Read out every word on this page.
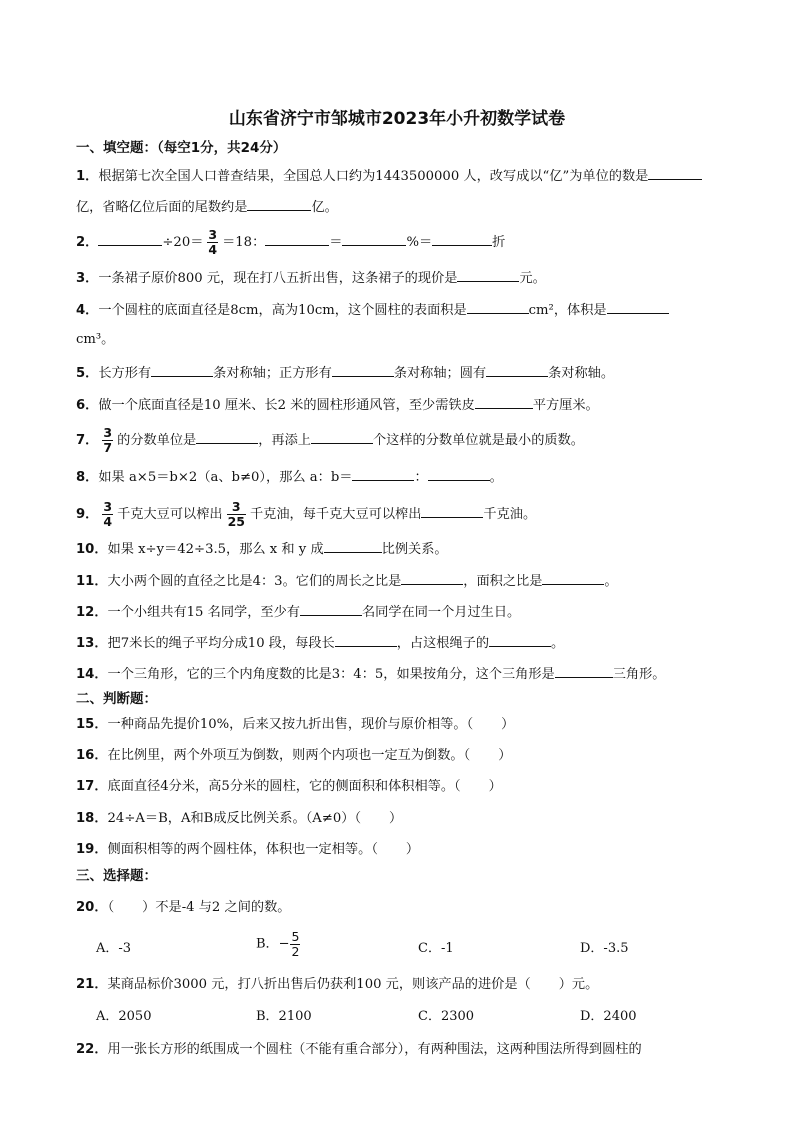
山东省济宁市邹城市2023年小升初数学试卷
一、填空题：（每空1分，共24分）
1．根据第七次全国人口普查结果，全国总人口约为1443500000 人，改写成以“亿”为单位的数是
亿，省略亿位后面的尾数约是	亿。
2．	$\div 20= \frac{3}{4} =18$：	＝	%＝	折
3．一条裙子原价800 元，现在打八五折出售，这条裙子的现价是	元。
4．一个圆柱的底面直径是8cm，高为10cm，这个圆柱的表面积是	cm²，体积是
cm³。
5．长方形有	条对称轴；正方形有	条对称轴；圆有	条对称轴。
6．做一个底面直径是10 厘米、长2 米的圆柱形通风管，至少需铁皮	平方厘米。
7． $\frac{3}{7}$ 的分数单位是	，再添上	个这样的分数单位就是最小的质数。
8．如果 a×5＝b×2（a、b≠0），那么 a：b＝	：	。
9． $\frac{3}{4}$ 千克大豆可以榨出 $\frac{3}{25}$ 千克油，每千克大豆可以榨出	千克油。
10．如果 x÷y＝42÷3.5，那么 x 和 y 成	比例关系。
11．大小两个圆的直径之比是4：3。它们的周长之比是	，面积之比是	。
12．一个小组共有15 名同学，至少有	名同学在同一个月过生日。
13．把7米长的绳子平均分成10 段，每段长	，占这根绳子的	。
14．一个三角形，它的三个内角度数的比是3：4：5，如果按角分，这个三角形是	三角形。
二、判断题：
15．一种商品先提价10%，后来又按九折出售，现价与原价相等。（ ）
16．在比例里，两个外项互为倒数，则两个内项也一定互为倒数。（ ）
17．底面直径4分米，高5分米的圆柱，它的侧面积和体积相等。（ ）
18．24÷A＝B，A和B成反比例关系。（A≠0）（ ）
19．侧面积相等的两个圆柱体，体积也一定相等。（ ）
三、选择题：
20．（ ）不是-4 与2 之间的数。
A．-3	B．− $\frac{5}{2}$	C．-1	D．-3.5
21．某商品标价3000 元，打八折出售后仍获利100 元，则该产品的进价是（ ）元。
A．2050	B．2100	C．2300	D．2400
22．用一张长方形的纸围成一个圆柱（不能有重合部分），有两种围法，这两种围法所得到圆柱的
